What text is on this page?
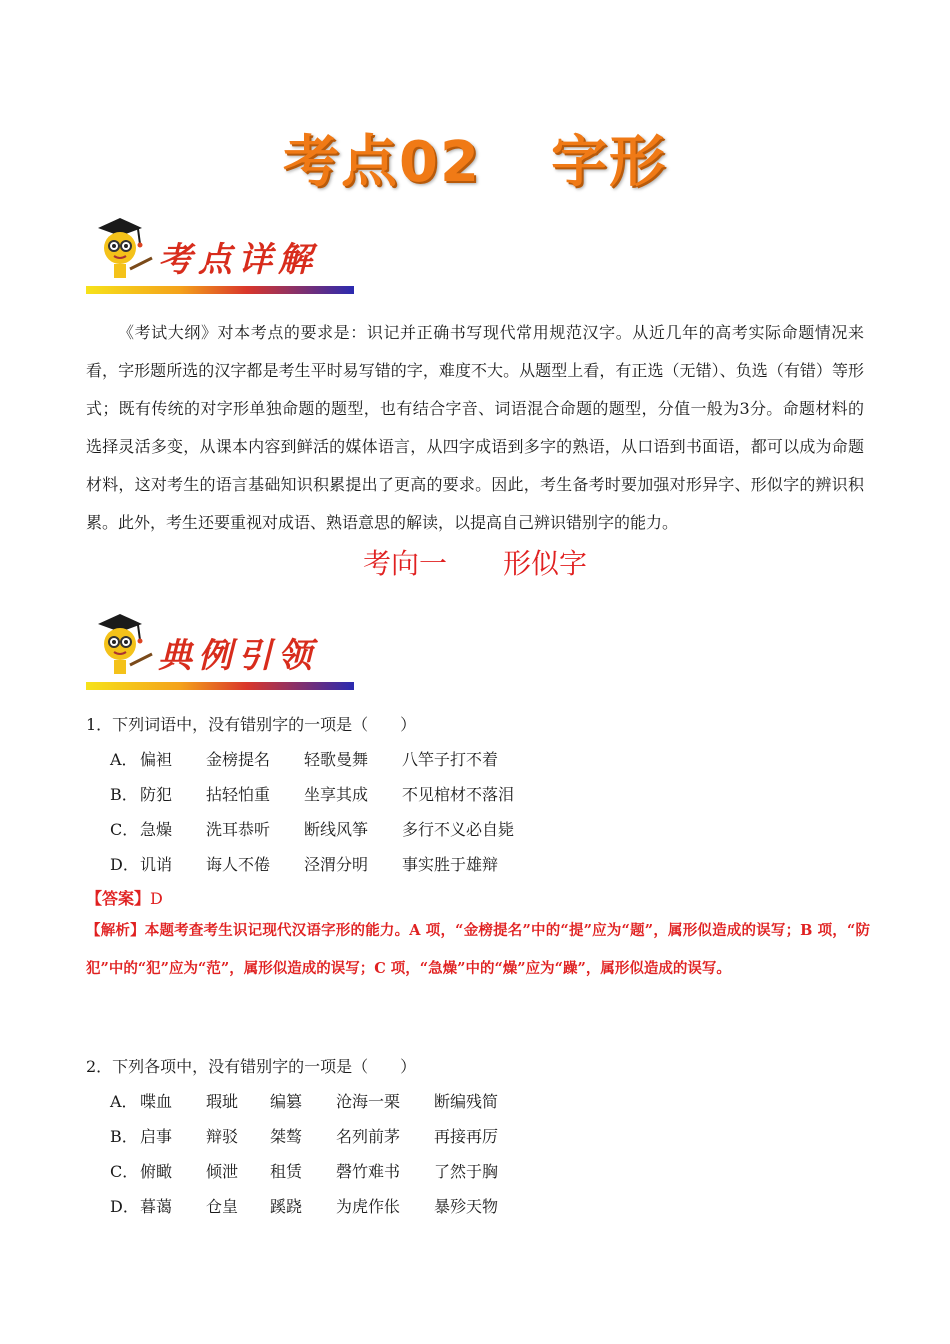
考点02 字形
考点详解

《考试大纲》对本考点的要求是：识记并正确书写现代常用规范汉字。从近几年的高考实际命题情况来看，字形题所选的汉字都是考生平时易写错的字，难度不大。从题型上看，有正选（无错）、负选（有错）等形式；既有传统的对字形单独命题的题型，也有结合字音、词语混合命题的题型，分值一般为3分。命题材料的选择灵活多变，从课本内容到鲜活的媒体语言，从四字成语到多字的熟语，从口语到书面语，都可以成为命题材料，这对考生的语言基础知识积累提出了更高的要求。因此，考生备考时要加强对形异字、形似字的辨识积累。此外，考生还要重视对成语、熟语意思的解读，以提高自己辨识错别字的能力。

考向一 形似字
典例引领
1．下列词语中，没有错别字的一项是（　　）
A． 偏袒	金榜提名	轻歌曼舞	八竿子打不着
B． 防犯	拈轻怕重	坐享其成	不见棺材不落泪
C． 急燥	洗耳恭听	断线风筝	多行不义必自毙
D． 讥诮	诲人不倦	泾渭分明	事实胜于雄辩
【答案】D
【解析】本题考查考生识记现代汉语字形的能力。A 项，“金榜提名”中的“提”应为“题”，属形似造成的误写；B 项，“防犯”中的“犯”应为“范”，属形似造成的误写；C 项，“急燥”中的“燥”应为“躁”，属形似造成的误写。
2．下列各项中，没有错别字的一项是（　　）
A． 喋血	瑕玼	编篡	沧海一栗	断编残简
B． 启事	辩驳	桀骜	名列前茅	再接再厉
C． 俯瞰	倾泄	租赁	磬竹难书	了然于胸
D． 暮蔼	仓皇	蹊跷	为虎作伥	暴殄天物
